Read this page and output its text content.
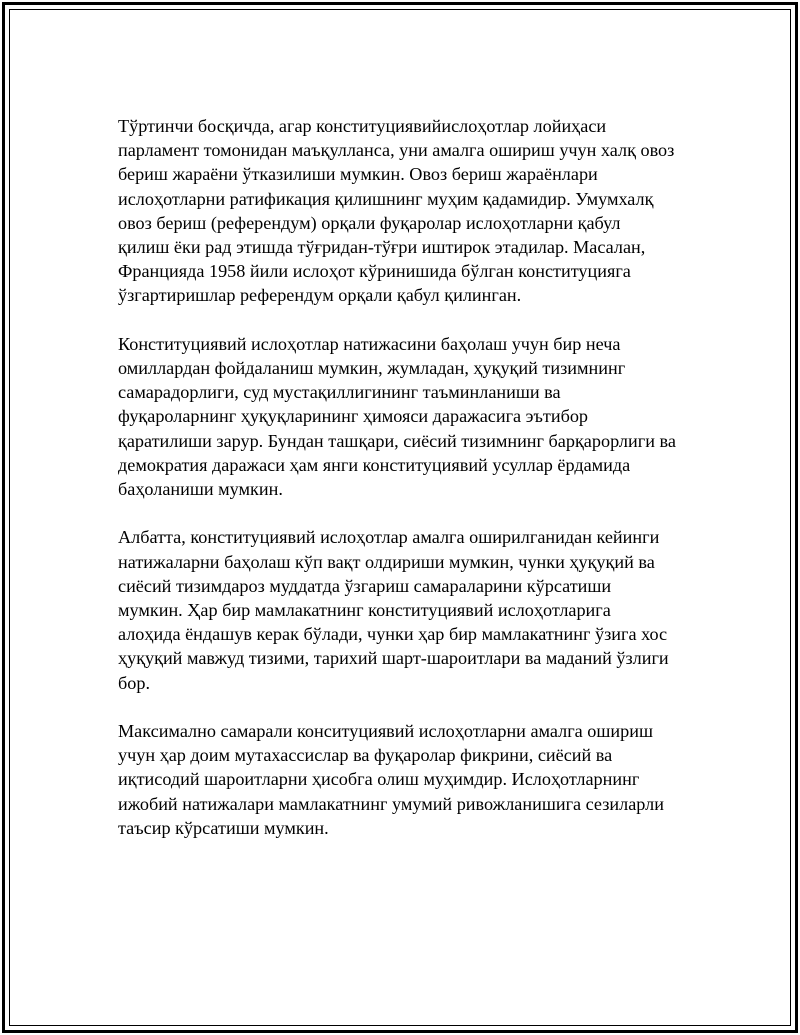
Тўртинчи босқичда, агар конституциявийислоҳотлар лойиҳаси
парламент томонидан маъқулланса, уни амалга ошириш учун халқ овоз
бериш жараёни ўтказилиши мумкин. Овоз бериш жараёнлари
ислоҳотларни ратификация қилишнинг муҳим қадамидир. Умумхалқ
овоз бериш (референдум) орқали фуқаролар ислоҳотларни қабул
қилиш ёки рад этишда тўғридан-тўғри иштирок этадилар. Масалан,
Францияда 1958 йили ислоҳот кўринишида бўлган конституцияга
ўзгартиришлар референдум орқали қабул қилинган.

Конституциявий ислоҳотлар натижасини баҳолаш учун бир неча
омиллардан фойдаланиш мумкин, жумладан, ҳуқуқий тизимнинг
самарадорлиги, суд мустақиллигининг таъминланиши ва
фуқароларнинг ҳуқуқларининг ҳимояси даражасига эътибор
қаратилиши зарур. Бундан ташқари, сиёсий тизимнинг барқарорлиги ва
демократия даражаси ҳам янги конституциявий усуллар ёрдамида
баҳоланиши мумкин.

Албатта, конституциявий ислоҳотлар амалга оширилганидан кейинги
натижаларни баҳолаш кўп вақт олдириши мумкин, чунки ҳуқуқий ва
сиёсий тизимдароз муддатда ўзгариш самараларини кўрсатиши
мумкин. Ҳар бир мамлакатнинг конституциявий ислоҳотларига
алоҳида ёндашув керак бўлади, чунки ҳар бир мамлакатнинг ўзига хос
ҳуқуқий мавжуд тизими, тарихий шарт-шароитлари ва маданий ўзлиги
бор.

Максимално самарали конситуциявий ислоҳотларни амалга ошириш
учун ҳар доим мутахассислар ва фуқаролар фикрини, сиёсий ва
иқтисодий шароитларни ҳисобга олиш муҳимдир. Ислоҳотларнинг
ижобий натижалари мамлакатнинг умумий ривожланишига сезиларли
таъсир кўрсатиши мумкин.
